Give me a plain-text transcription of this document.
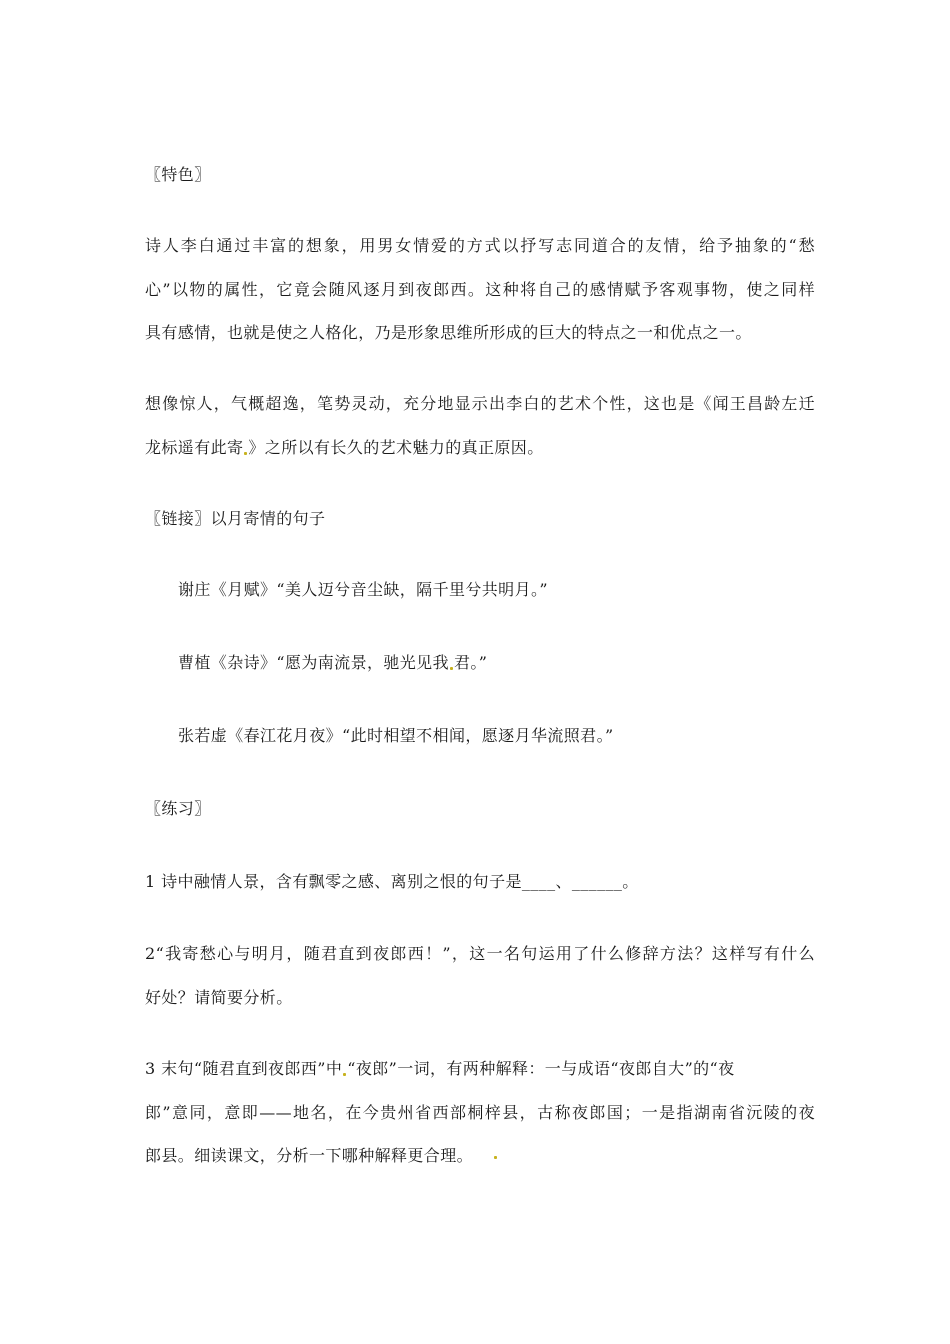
〖特色〗
诗人李白通过丰富的想象，用男女情爱的方式以抒写志同道合的友情，给予抽象的“愁
心”以物的属性，它竟会随风逐月到夜郎西。这种将自己的感情赋予客观事物，使之同样
具有感情，也就是使之人格化，乃是形象思维所形成的巨大的特点之一和优点之一。
想像惊人，气概超逸，笔势灵动，充分地显示出李白的艺术个性，这也是《闻王昌龄左迁
龙标遥有此寄 》之所以有长久的艺术魅力的真正原因。
〖链接〗以月寄情的句子
谢庄《月赋》“美人迈兮音尘缺，隔千里兮共明月。”
曹植《杂诗》“愿为南流景，驰光见我 君。”
张若虚《春江花月夜》“此时相望不相闻，愿逐月华流照君。”
〖练习〗
1 诗中融情人景，含有飘零之感、离别之恨的句子是____、______。
2“我寄愁心与明月，随君直到夜郎西！”，这一名句运用了什么修辞方法？这样写有什么
好处？请简要分析。
3 末句“随君直到夜郎西”中 “夜郎”一词，有两种解释：一与成语“夜郎自大”的“夜
郎”意同，意即——地名，在今贵州省西部桐梓县，古称夜郎国；一是指湖南省沅陵的夜
郎县。细读课文，分析一下哪种解释更合理。
